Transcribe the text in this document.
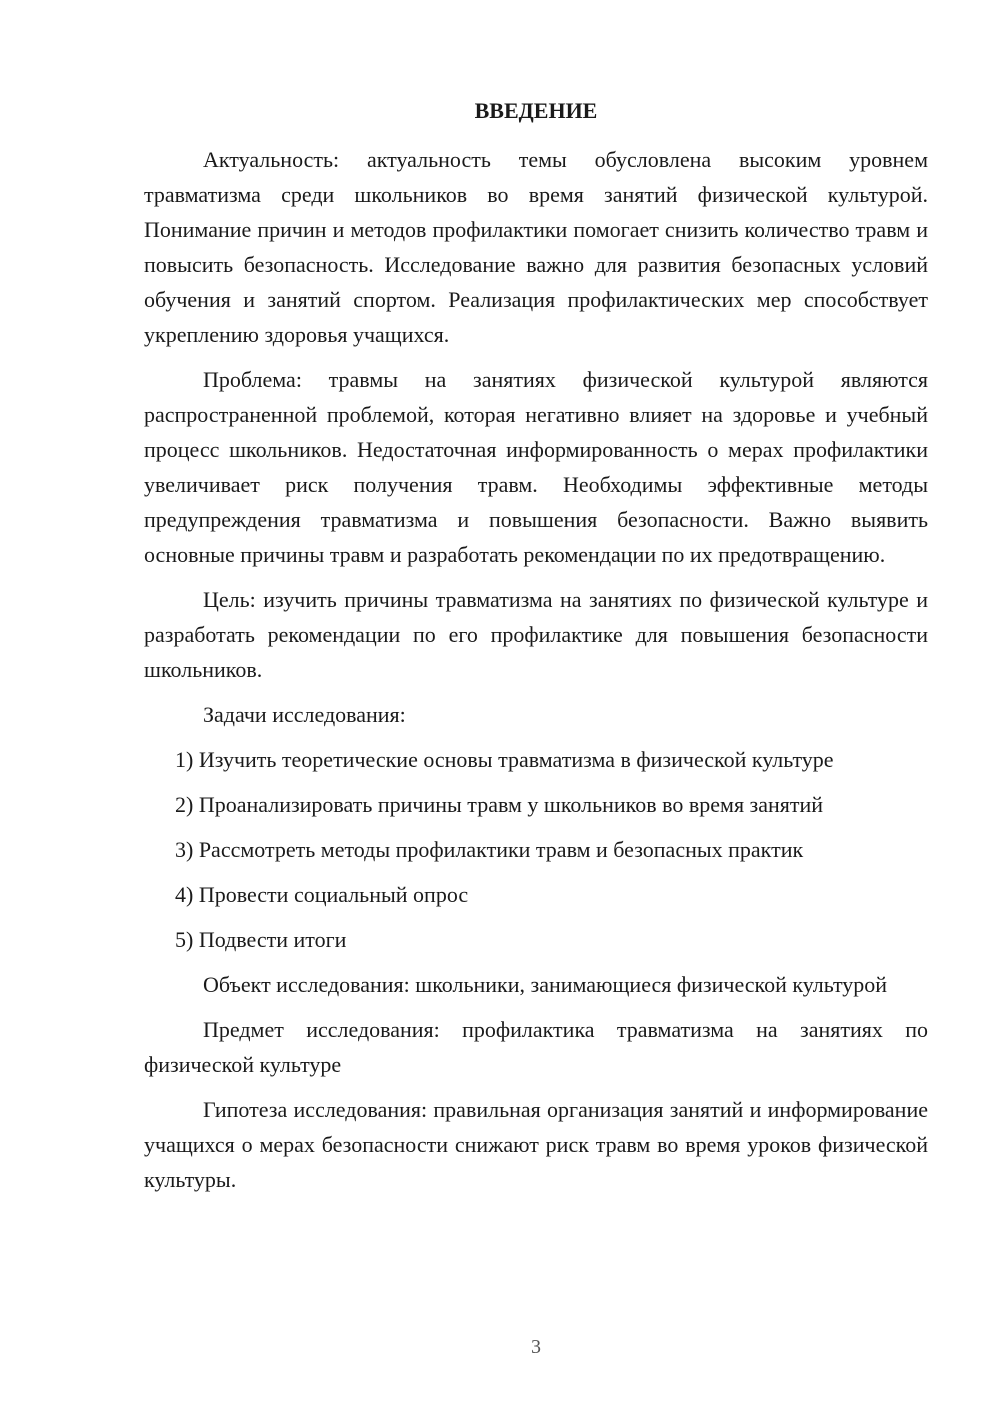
ВВЕДЕНИЕ

Актуальность: актуальность темы обусловлена высоким уровнем травматизма среди школьников во время занятий физической культурой. Понимание причин и методов профилактики помогает снизить количество травм и повысить безопасность. Исследование важно для развития безопасных условий обучения и занятий спортом. Реализация профилактических мер способствует укреплению здоровья учащихся.

Проблема: травмы на занятиях физической культурой являются распространенной проблемой, которая негативно влияет на здоровье и учебный процесс школьников. Недостаточная информированность о мерах профилактики увеличивает риск получения травм. Необходимы эффективные методы предупреждения травматизма и повышения безопасности. Важно выявить основные причины травм и разработать рекомендации по их предотвращению.

Цель: изучить причины травматизма на занятиях по физической культуре и разработать рекомендации по его профилактике для повышения безопасности школьников.

Задачи исследования:

1) Изучить теоретические основы травматизма в физической культуре
2) Проанализировать причины травм у школьников во время занятий
3) Рассмотреть методы профилактики травм и безопасных практик
4) Провести социальный опрос
5) Подвести итоги

Объект исследования: школьники, занимающиеся физической культурой

Предмет исследования: профилактика травматизма на занятиях по физической культуре

Гипотеза исследования: правильная организация занятий и информирование учащихся о мерах безопасности снижают риск травм во время уроков физической культуры.

3
